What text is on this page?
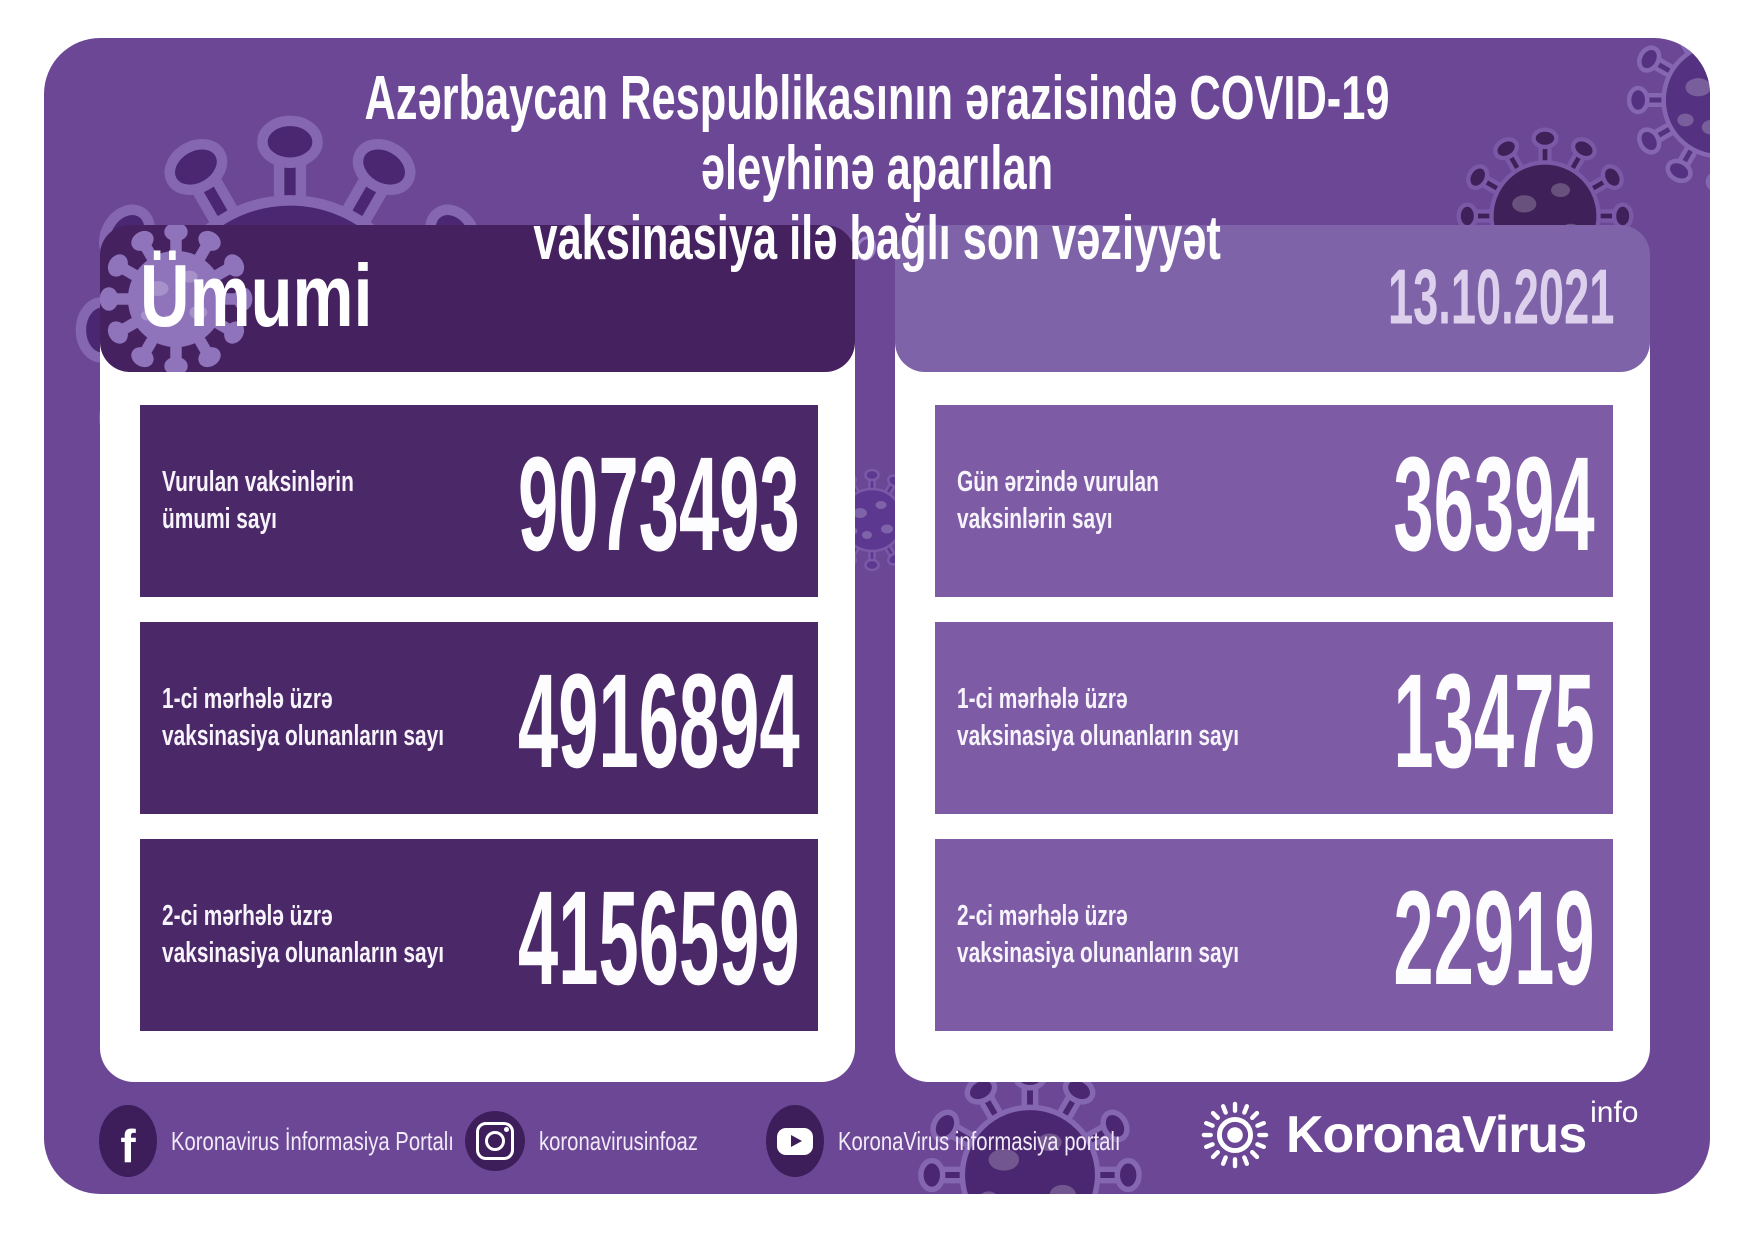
Azərbaycan Respublikasının ərazisində COVID-19 əleyhinə aparılan
vaksinasiya ilə bağlı son vəziyyət
Ümumi
Vurulan vaksinlərin
ümumi sayı	9073493
1-ci mərhələ üzrə
vaksinasiya olunanların sayı 4916894
2-ci mərhələ üzrə
vaksinasiya olunanların sayı 4156599
13.10.2021
Gün ərzində vurulan
vaksinlərin sayı	36394
1-ci mərhələ üzrə
vaksinasiya olunanların sayı 13475
2-ci mərhələ üzrə
vaksinasiya olunanların sayı 22919
f Koronavirus İnformasiya Portalı	koronavirusinfoaz	KoronaVirus informasiya portalı	KoronaVirus info
